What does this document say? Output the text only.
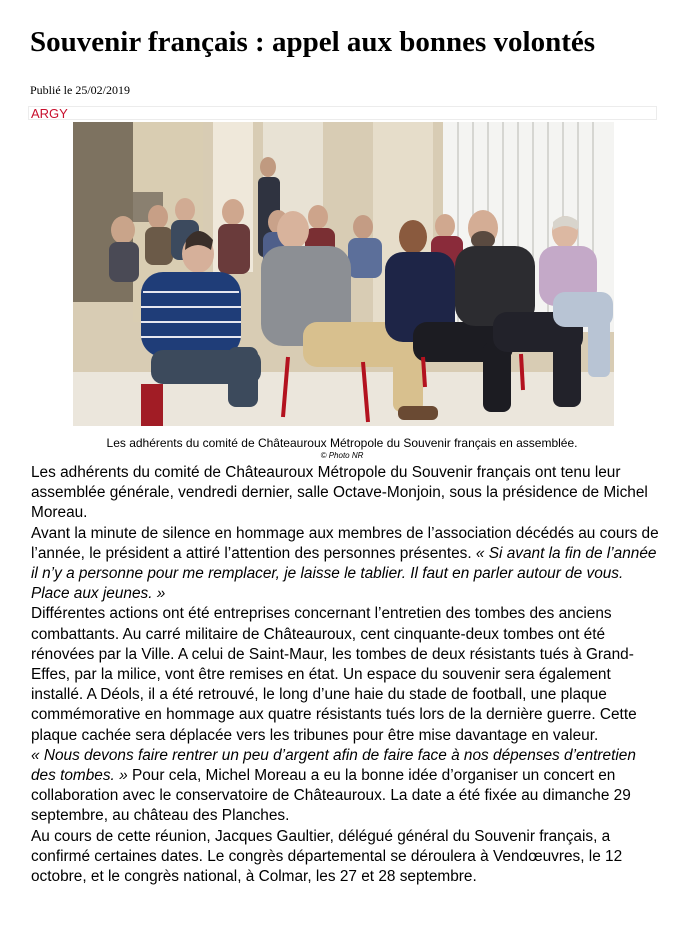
Souvenir français : appel aux bonnes volontés
Publié le 25/02/2019
ARGY
Les adhérents du comité de Châteauroux Métropole du Souvenir français en assemblée.
© Photo NR

Les adhérents du comité de Châteauroux Métropole du Souvenir français ont tenu leur assemblée générale, vendredi dernier, salle Octave-Monjoin, sous la présidence de Michel Moreau.

Avant la minute de silence en hommage aux membres de l’association décédés au cours de l’année, le président a attiré l’attention des personnes présentes. « Si avant la fin de l’année il n’y a personne pour me remplacer, je laisse le tablier. Il faut en parler autour de vous. Place aux jeunes. »

Différentes actions ont été entreprises concernant l’entretien des tombes des anciens combattants. Au carré militaire de Châteauroux, cent cinquante-deux tombes ont été rénovées par la Ville. A celui de Saint-Maur, les tombes de deux résistants tués à Grand-Effes, par la milice, vont être remises en état. Un espace du souvenir sera également installé. A Déols, il a été retrouvé, le long d’une haie du stade de football, une plaque commémorative en hommage aux quatre résistants tués lors de la dernière guerre. Cette plaque cachée sera déplacée vers les tribunes pour être mise davantage en valeur.

« Nous devons faire rentrer un peu d’argent afin de faire face à nos dépenses d’entretien des tombes. » Pour cela, Michel Moreau a eu la bonne idée d’organiser un concert en collaboration avec le conservatoire de Châteauroux. La date a été fixée au dimanche 29 septembre, au château des Planches.

Au cours de cette réunion, Jacques Gaultier, délégué général du Souvenir français, a confirmé certaines dates. Le congrès départemental se déroulera à Vendœuvres, le 12 octobre, et le congrès national, à Colmar, les 27 et 28 septembre.
